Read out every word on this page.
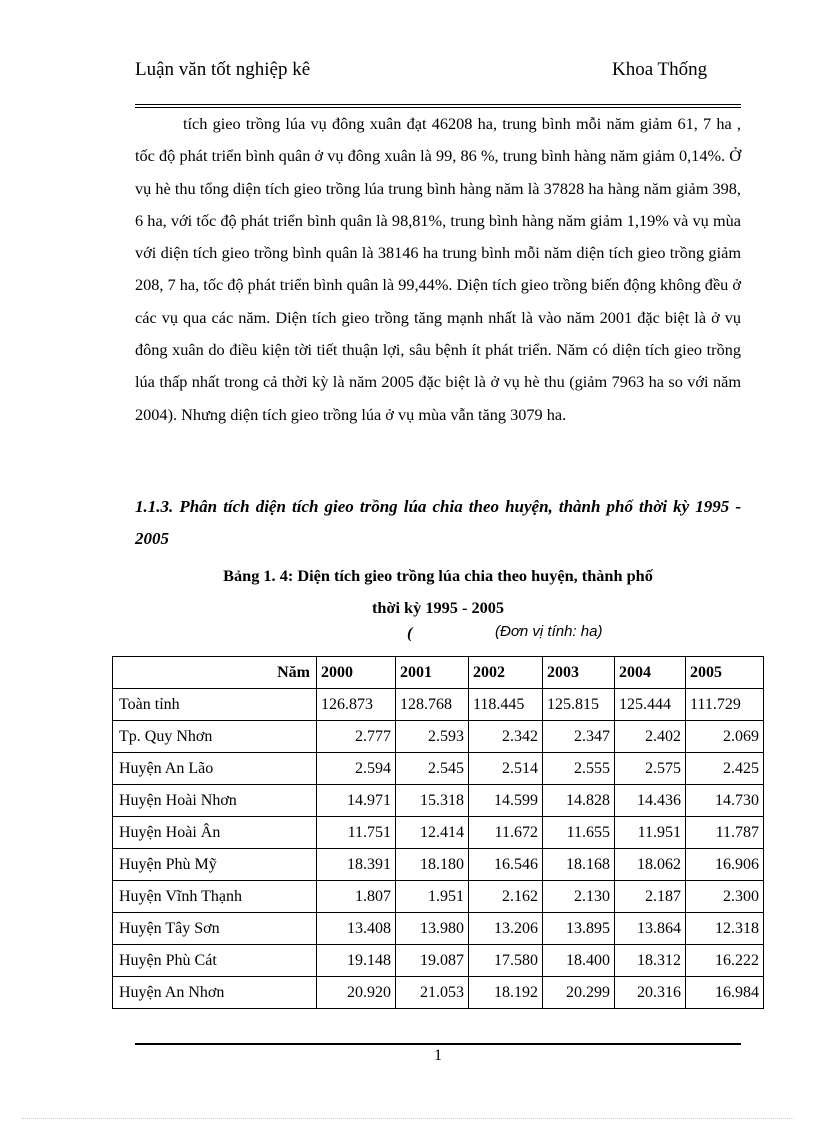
Luận văn tốt nghiệp kê	Khoa Thống

tích gieo trồng lúa vụ đông xuân đạt 46208 ha, trung bình mỗi năm giảm 61, 7 ha , tốc độ phát triển bình quân ở vụ đông xuân là 99, 86 %, trung bình hàng năm giảm 0,14%. Ở vụ hè thu tổng diện tích gieo trồng lúa trung bình hàng năm là 37828 ha hàng năm giảm 398, 6 ha, với tốc độ phát triển bình quân là 98,81%, trung bình hàng năm giảm 1,19% và vụ mùa với diện tích gieo trồng bình quân là 38146 ha trung bình mỗi năm diện tích gieo trồng giảm 208, 7 ha, tốc độ phát triển bình quân là 99,44%. Diện tích gieo trồng biến động không đều ở các vụ qua các năm. Diện tích gieo trồng tăng mạnh nhất là vào năm 2001 đặc biệt là ở vụ đông xuân do điều kiện tời tiết thuận lợi, sâu bệnh ít phát triển. Năm có diện tích gieo trồng lúa thấp nhất trong cả thời kỳ là năm 2005 đặc biệt là ở vụ hè thu (giảm 7963 ha so với năm 2004). Nhưng diện tích gieo trồng lúa ở vụ mùa vẫn tăng 3079 ha.

1.1.3. Phân tích diện tích gieo trồng lúa chia theo huyện, thành phố thời kỳ 1995 - 2005
Bảng 1. 4: Diện tích gieo trồng lúa chia theo huyện, thành phố
thời kỳ 1995 - 2005
(	(Đơn vị tính: ha)
Năm	2000	2001	2002	2003	2004	2005
Toàn tỉnh	126.873	128.768	118.445	125.815	125.444	111.729
Tp. Quy Nhơn	2.777	2.593	2.342	2.347	2.402	2.069
Huyện An Lão	2.594	2.545	2.514	2.555	2.575	2.425
Huyện Hoài Nhơn	14.971	15.318	14.599	14.828	14.436	14.730
Huyện Hoài Ân	11.751	12.414	11.672	11.655	11.951	11.787
Huyện Phù Mỹ	18.391	18.180	16.546	18.168	18.062	16.906
Huyện Vĩnh Thạnh	1.807	1.951	2.162	2.130	2.187	2.300
Huyện Tây Sơn	13.408	13.980	13.206	13.895	13.864	12.318
Huyện Phù Cát	19.148	19.087	17.580	18.400	18.312	16.222
Huyện An Nhơn	20.920	21.053	18.192	20.299	20.316	16.984
1
